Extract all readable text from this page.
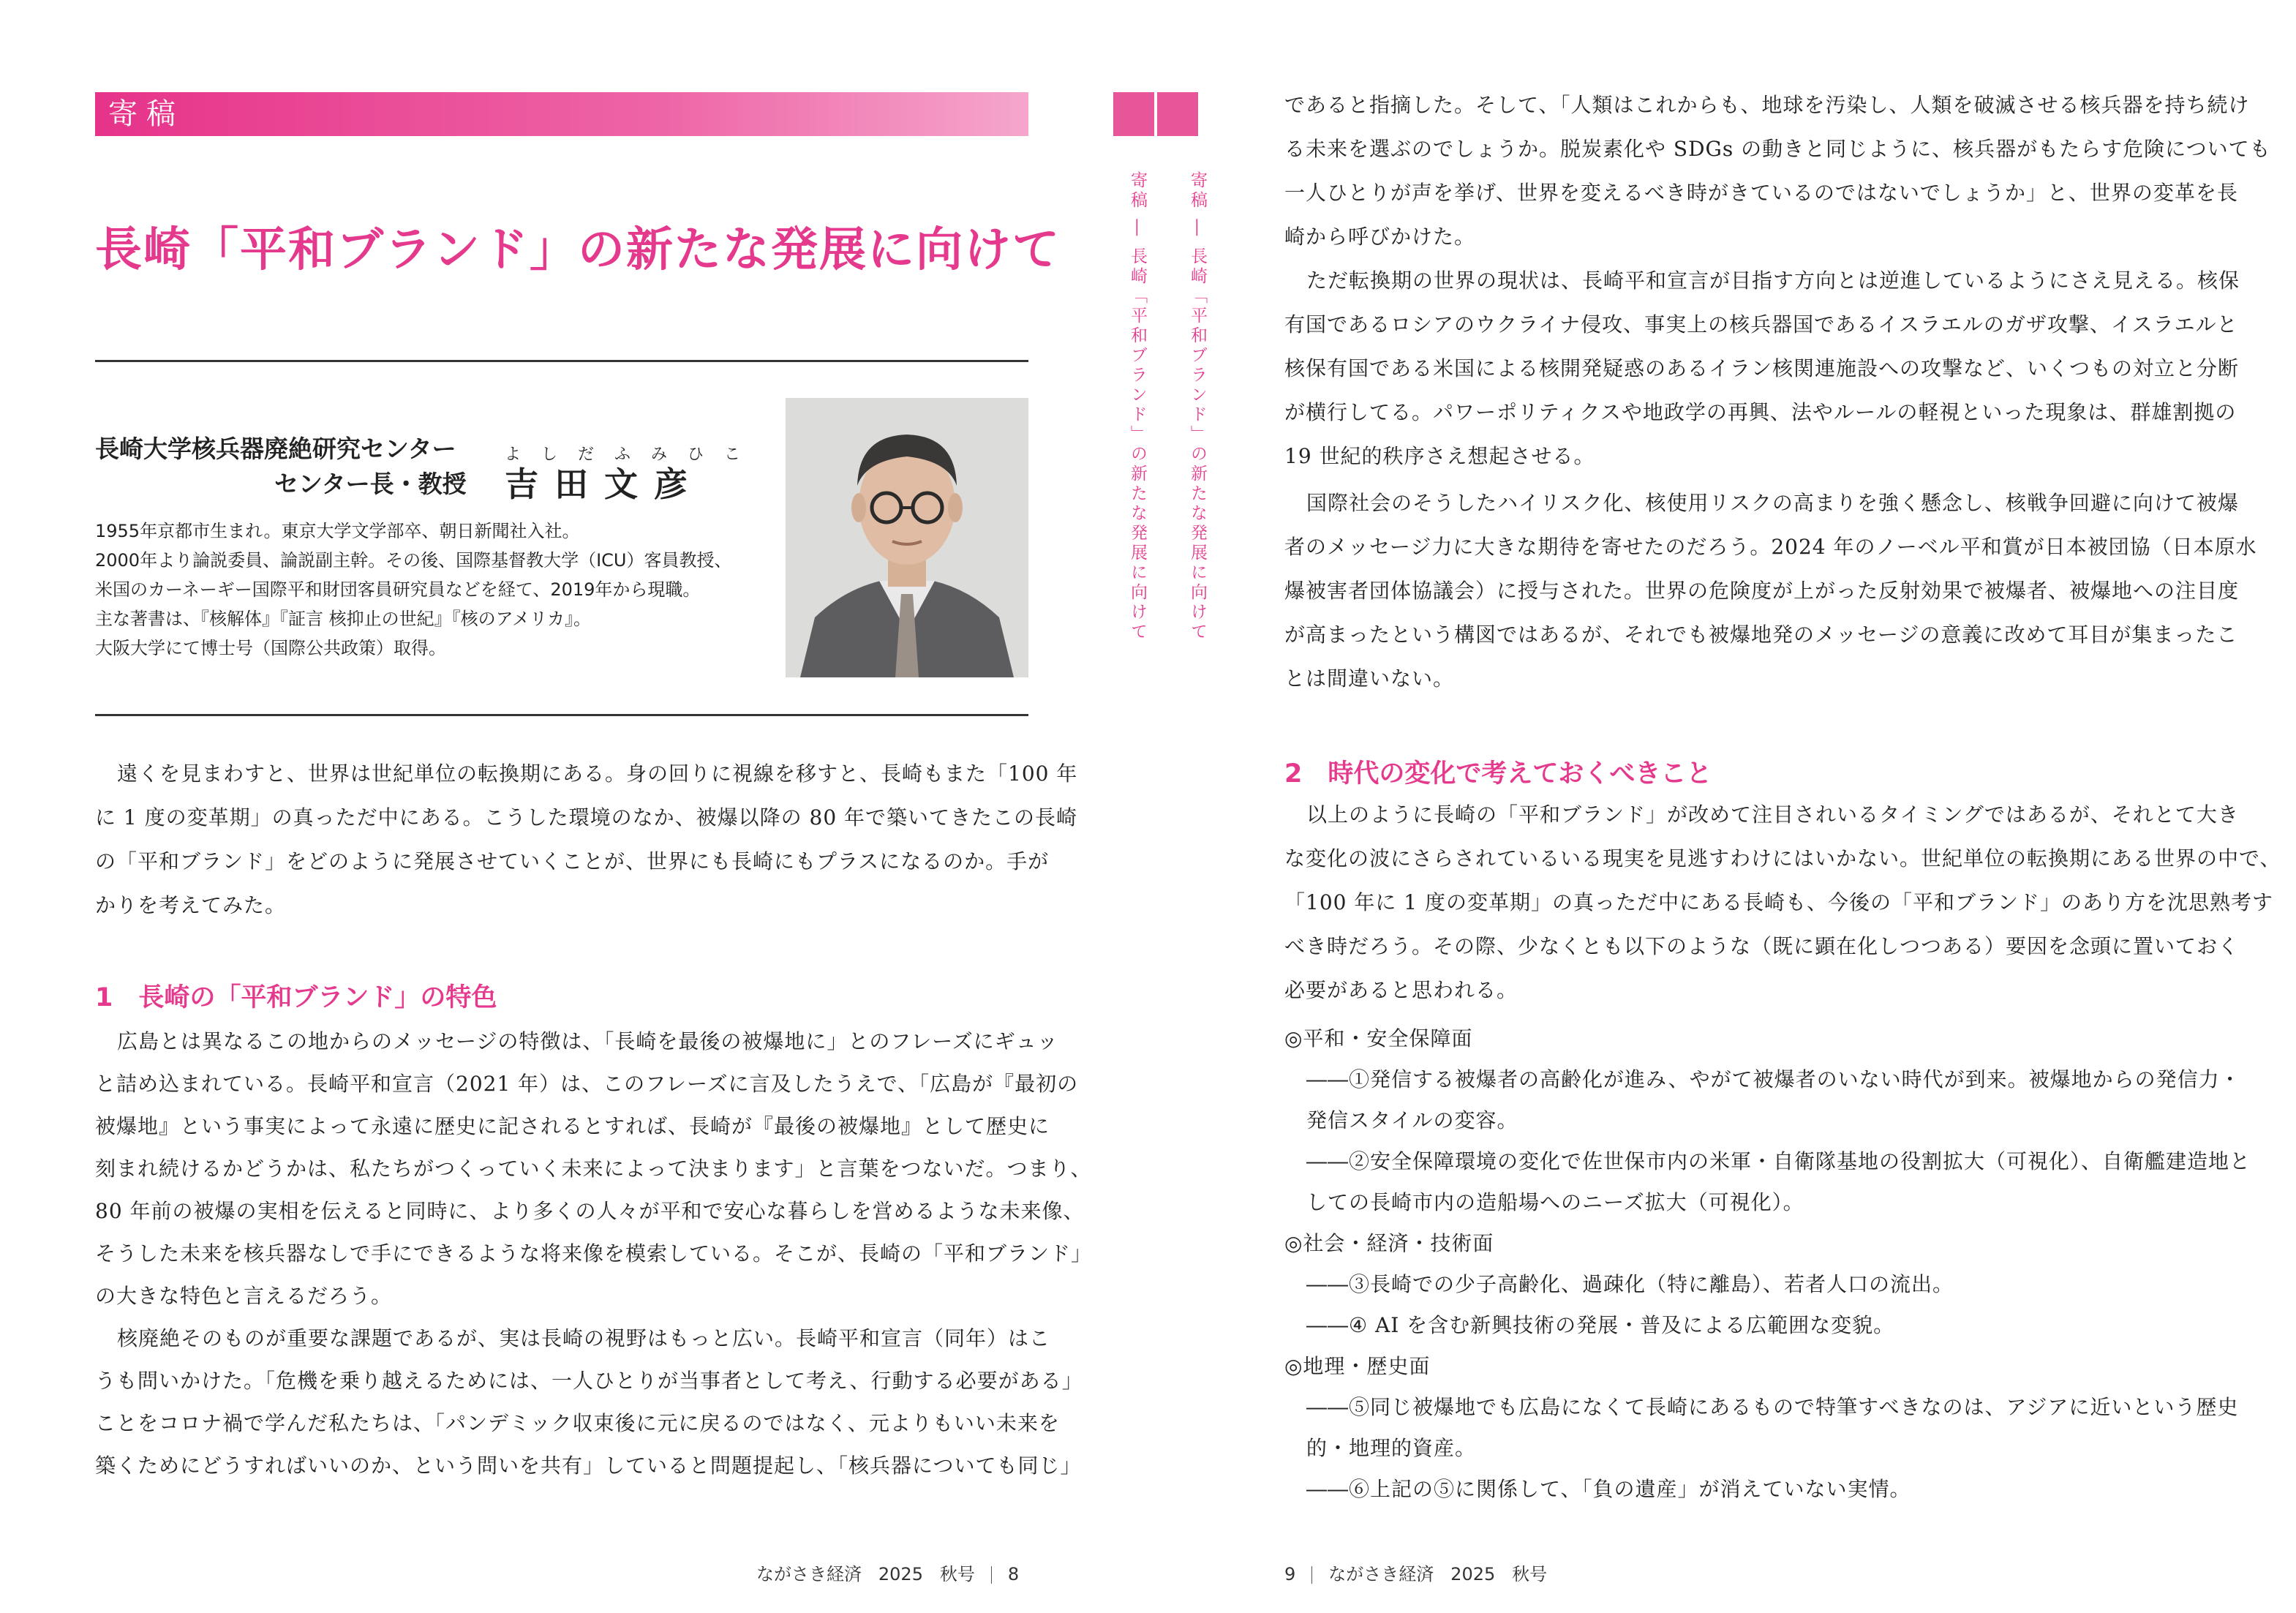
寄稿
長崎「平和ブランド」の新たな発展に向けて
長崎大学核兵器廃絶研究センター
センター長・教授
よしだふみひこ
吉田文彦
1955年京都市生まれ。東京大学文学部卒、朝日新聞社入社。
2000年より論説委員、論説副主幹。その後、国際基督教大学（ICU）客員教授、
米国のカーネーギー国際平和財団客員研究員などを経て、2019年から現職。
主な著書は、『核解体』『証言 核抑止の世紀』『核のアメリカ』。
大阪大学にて博士号（国際公共政策）取得。
遠くを見まわすと、世界は世紀単位の転換期にある。身の回りに視線を移すと、長崎もまた「100 年
に 1 度の変革期」の真っただ中にある。こうした環境のなか、被爆以降の 80 年で築いてきたこの長崎
の「平和ブランド」をどのように発展させていくことが、世界にも長崎にもプラスになるのか。手が
かりを考えてみた。
1　長崎の「平和ブランド」の特色
広島とは異なるこの地からのメッセージの特徴は、「長崎を最後の被爆地に」とのフレーズにギュッ
と詰め込まれている。長崎平和宣言（2021 年）は、このフレーズに言及したうえで、「広島が『最初の
被爆地』という事実によって永遠に歴史に記されるとすれば、長崎が『最後の被爆地』として歴史に
刻まれ続けるかどうかは、私たちがつくっていく未来によって決まります」と言葉をつないだ。つまり、
80 年前の被爆の実相を伝えると同時に、より多くの人々が平和で安心な暮らしを営めるような未来像、
そうした未来を核兵器なしで手にできるような将来像を模索している。そこが、長崎の「平和ブランド」
の大きな特色と言えるだろう。
核廃絶そのものが重要な課題であるが、実は長崎の視野はもっと広い。長崎平和宣言（同年）はこ
うも問いかけた。「危機を乗り越えるためには、一人ひとりが当事者として考え、行動する必要がある」
ことをコロナ禍で学んだ私たちは、「パンデミック収束後に元に戻るのではなく、元よりもいい未来を
築くためにどうすればいいのか、という問いを共有」していると問題提起し、「核兵器についても同じ」
ながさき経済 2025 秋号 8
寄稿 ― 長崎「平和ブランド」の新たな発展に向けて	寄稿 ― 長崎「平和ブランド」の新たな発展に向けて
であると指摘した。そして、「人類はこれからも、地球を汚染し、人類を破滅させる核兵器を持ち続け
る未来を選ぶのでしょうか。脱炭素化や SDGs の動きと同じように、核兵器がもたらす危険についても
一人ひとりが声を挙げ、世界を変えるべき時がきているのではないでしょうか」と、世界の変革を長
崎から呼びかけた。
ただ転換期の世界の現状は、長崎平和宣言が目指す方向とは逆進しているようにさえ見える。核保
有国であるロシアのウクライナ侵攻、事実上の核兵器国であるイスラエルのガザ攻撃、イスラエルと
核保有国である米国による核開発疑惑のあるイラン核関連施設への攻撃など、いくつもの対立と分断
が横行してる。パワーポリティクスや地政学の再興、法やルールの軽視といった現象は、群雄割拠の
19 世紀的秩序さえ想起させる。
国際社会のそうしたハイリスク化、核使用リスクの高まりを強く懸念し、核戦争回避に向けて被爆
者のメッセージ力に大きな期待を寄せたのだろう。2024 年のノーベル平和賞が日本被団協（日本原水
爆被害者団体協議会）に授与された。世界の危険度が上がった反射効果で被爆者、被爆地への注目度
が高まったという構図ではあるが、それでも被爆地発のメッセージの意義に改めて耳目が集まったこ
とは間違いない。
2　時代の変化で考えておくべきこと
以上のように長崎の「平和ブランド」が改めて注目されいるタイミングではあるが、それとて大き
な変化の波にさらされているいる現実を見逃すわけにはいかない。世紀単位の転換期にある世界の中で、
「100 年に 1 度の変革期」の真っただ中にある長崎も、今後の「平和ブランド」のあり方を沈思熟考す
べき時だろう。その際、少なくとも以下のような（既に顕在化しつつある）要因を念頭に置いておく
必要があると思われる。
◎平和・安全保障面
――①発信する被爆者の高齢化が進み、やがて被爆者のいない時代が到来。被爆地からの発信力・
発信スタイルの変容。
――②安全保障環境の変化で佐世保市内の米軍・自衛隊基地の役割拡大（可視化）、自衛艦建造地と
しての長崎市内の造船場へのニーズ拡大（可視化）。
◎社会・経済・技術面
――③長崎での少子高齢化、過疎化（特に離島）、若者人口の流出。
――④ AI を含む新興技術の発展・普及による広範囲な変貌。
◎地理・歴史面
――⑤同じ被爆地でも広島になくて長崎にあるもので特筆すべきなのは、アジアに近いという歴史
的・地理的資産。
――⑥上記の⑤に関係して、「負の遺産」が消えていない実情。
9 ながさき経済 2025 秋号
